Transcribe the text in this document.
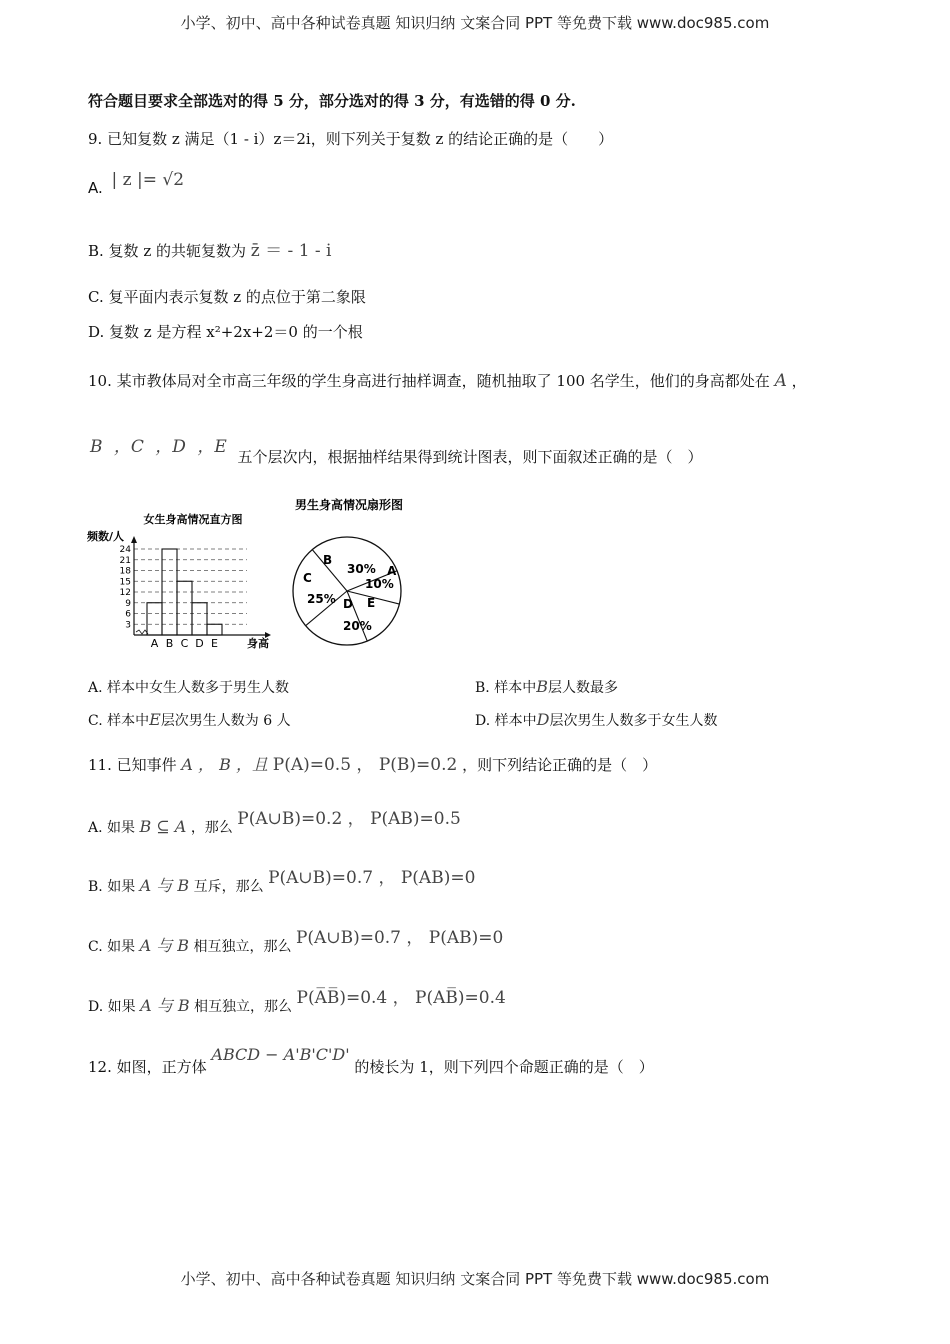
小学、初中、高中各种试卷真题 知识归纳 文案合同 PPT 等免费下载 www.doc985.com
符合题目要求全部选对的得 5 分，部分选对的得 3 分，有选错的得 0 分.
9. 已知复数 z 满足（1 - i）z＝2i，则下列关于复数 z 的结论正确的是（　　）
A. | z |= √2
B. 复数 z 的共轭复数为 z̄ ＝ - 1 - i
C. 复平面内表示复数 z 的点位于第二象限
D. 复数 z 是方程 x²+2x+2＝0 的一个根
10. 某市教体局对全市高三年级的学生身高进行抽样调查，随机抽取了 100 名学生，他们的身高都处在 A ，
B ，C ，D ，E 五个层次内，根据抽样结果得到统计图表，则下面叙述正确的是（　）
女生身高情况直方图
频数/人
3
6
9
12
15
18
21
24
A B C D E	身高
男生身高情况扇形图
A
10%
E
D
20%
C
25%
B
30%
A. 样本中女生人数多于男生人数	B. 样本中B层人数最多
C. 样本中E层次男生人数为 6 人	D. 样本中D层次男生人数多于女生人数
11. 已知事件 A ， B ，且 P(A)=0.5 ， P(B)=0.2 ，则下列结论正确的是（　）
A. 如果 B ⊆ A ，那么 P(A∪B)=0.2 ， P(AB)=0.5
B. 如果 A 与 B 互斥，那么 P(A∪B)=0.7 ， P(AB)=0
C. 如果 A 与 B 相互独立，那么 P(A∪B)=0.7 ， P(AB)=0
D. 如果 A 与 B 相互独立，那么 P(A̅B̅)=0.4 ， P(AB̅)=0.4
12. 如图，正方体 ABCD − A'B'C'D' 的棱长为 1，则下列四个命题正确的是（　）
小学、初中、高中各种试卷真题 知识归纳 文案合同 PPT 等免费下载 www.doc985.com
